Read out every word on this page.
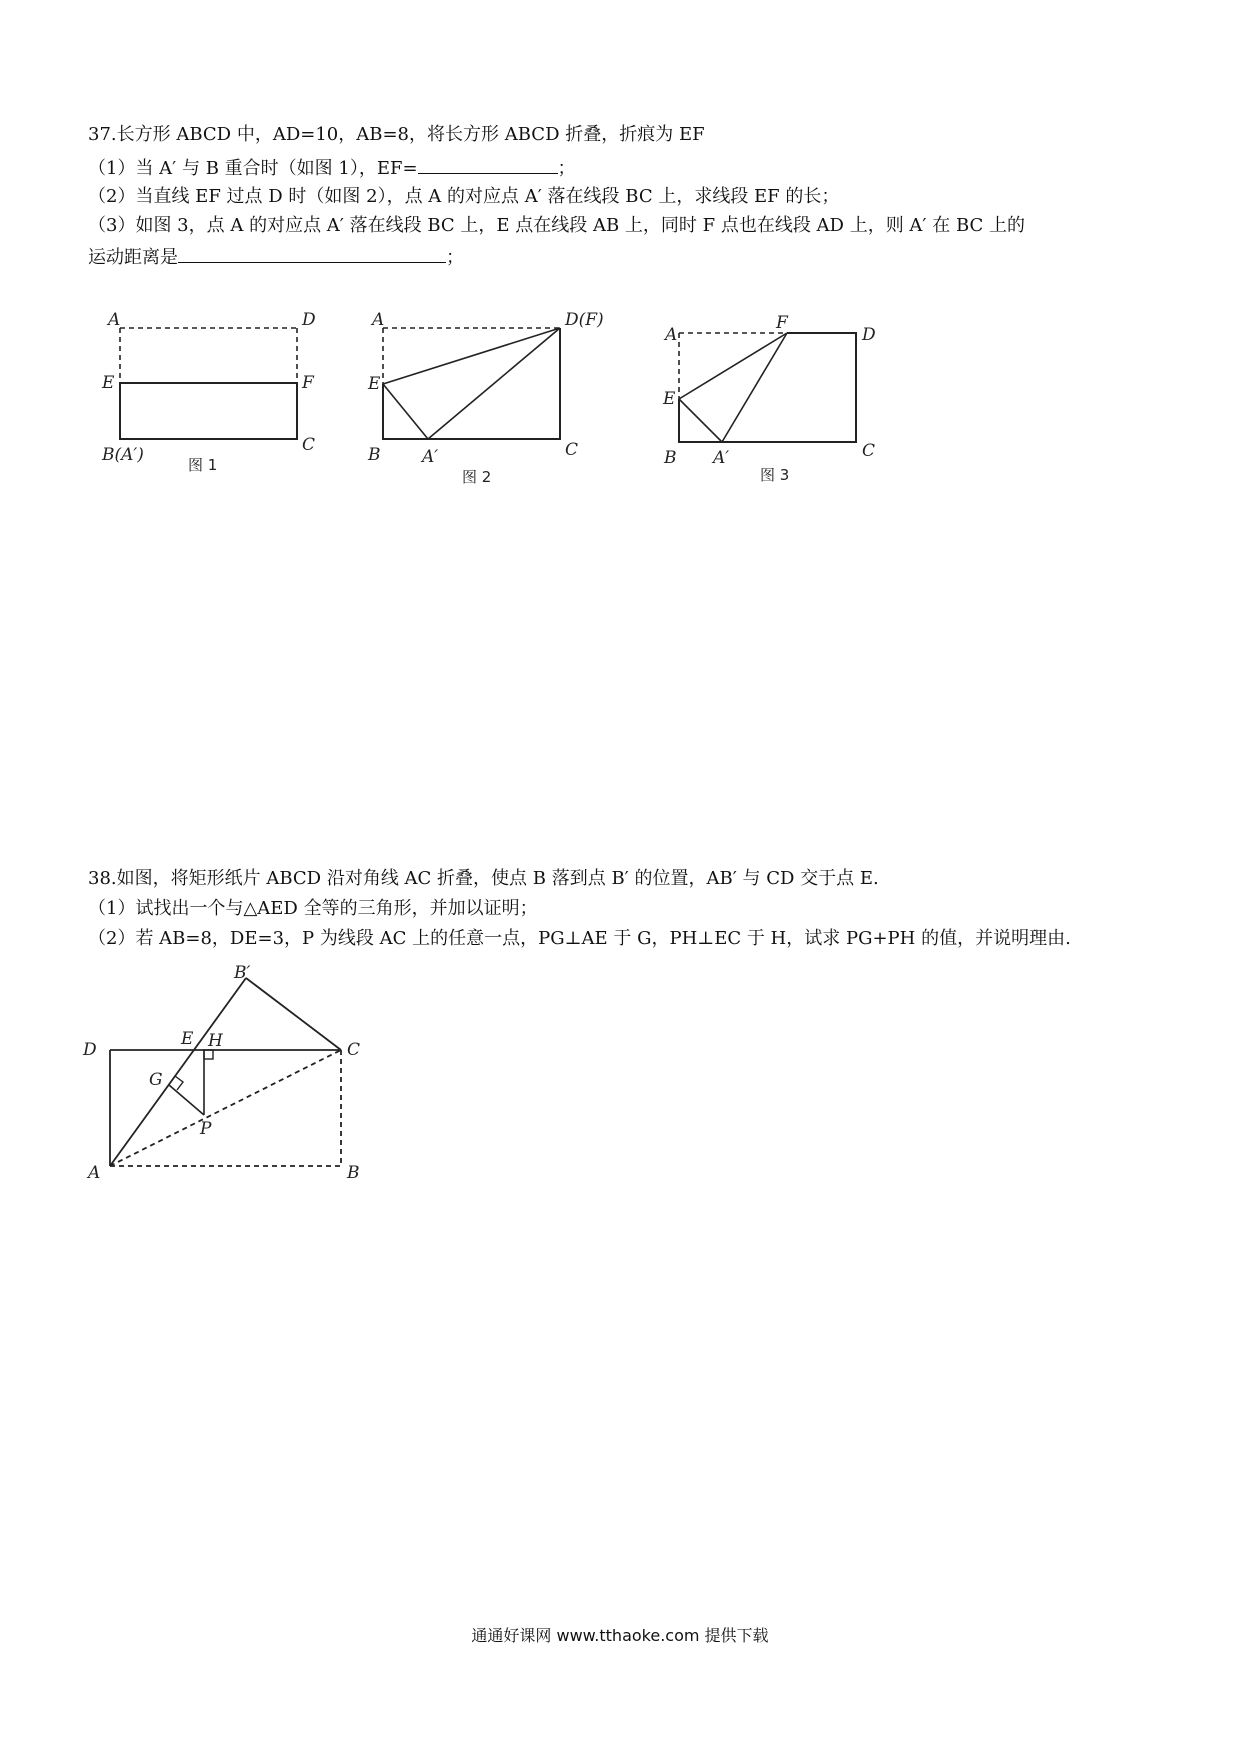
37.长方形 ABCD 中，AD=10，AB=8，将长方形 ABCD 折叠，折痕为 EF
（1）当 A′ 与 B 重合时（如图 1），EF=	；
（2）当直线 EF 过点 D 时（如图 2），点 A 的对应点 A′ 落在线段 BC 上，求线段 EF 的长；
（3）如图 3，点 A 的对应点 A′ 落在线段 BC 上，E 点在线段 AB 上，同时 F 点也在线段 AD 上，则 A′ 在 BC 上的
运动距离是	；
A	D
E	F
B(A′)	C
图 1
A	D(F)
E
B A′	C
图 2
A
F
D
E
B A′	C
图 3
38.如图，将矩形纸片 ABCD 沿对角线 AC 折叠，使点 B 落到点 B′ 的位置，AB′ 与 CD 交于点 E.
（1）试找出一个与△AED 全等的三角形，并加以证明；
（2）若 AB=8，DE=3，P 为线段 AC 上的任意一点，PG⊥AE 于 G，PH⊥EC 于 H，试求 PG+PH 的值，并说明理由.
B′
D
E H	C
G
P
A	B
通通好课网 www.tthaoke.com 提供下载
